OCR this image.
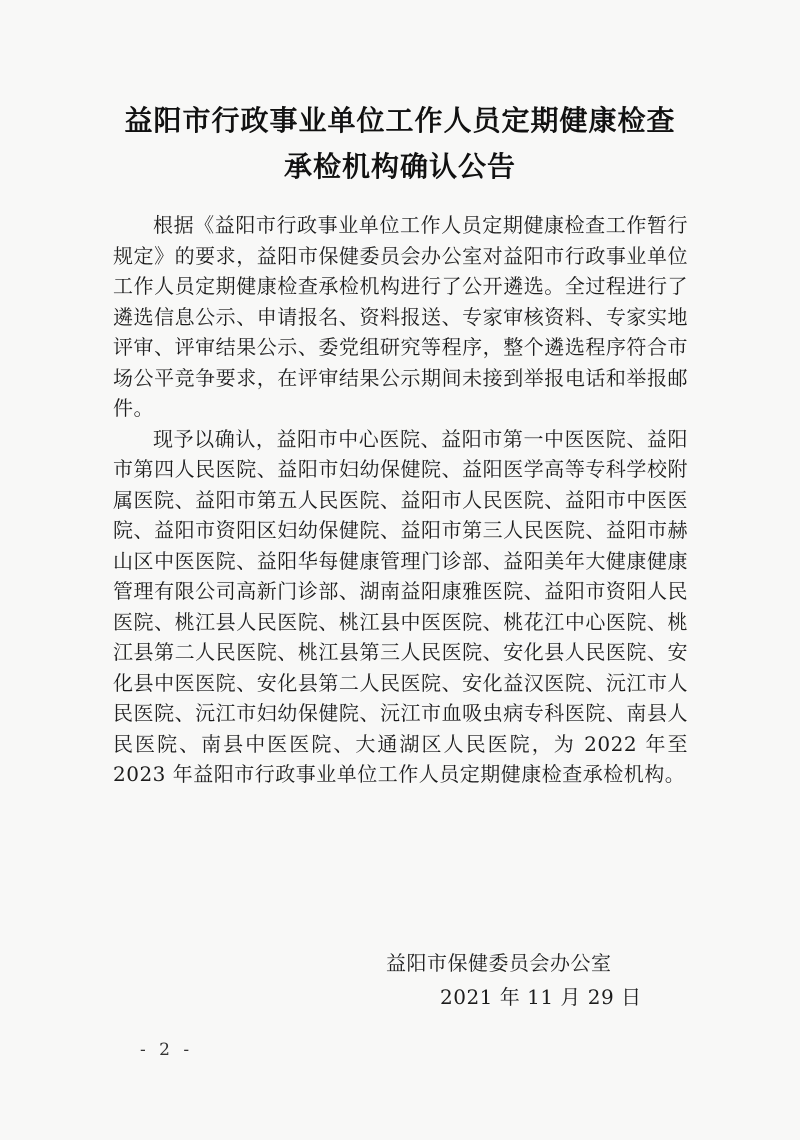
益阳市行政事业单位工作人员定期健康检查
承检机构确认公告

根据《益阳市行政事业单位工作人员定期健康检查工作暂行规定》的要求，益阳市保健委员会办公室对益阳市行政事业单位工作人员定期健康检查承检机构进行了公开遴选。全过程进行了遴选信息公示、申请报名、资料报送、专家审核资料、专家实地评审、评审结果公示、委党组研究等程序，整个遴选程序符合市场公平竞争要求，在评审结果公示期间未接到举报电话和举报邮件。

现予以确认，益阳市中心医院、益阳市第一中医医院、益阳市第四人民医院、益阳市妇幼保健院、益阳医学高等专科学校附属医院、益阳市第五人民医院、益阳市人民医院、益阳市中医医院、益阳市资阳区妇幼保健院、益阳市第三人民医院、益阳市赫山区中医医院、益阳华每健康管理门诊部、益阳美年大健康健康管理有限公司高新门诊部、湖南益阳康雅医院、益阳市资阳人民医院、桃江县人民医院、桃江县中医医院、桃花江中心医院、桃江县第二人民医院、桃江县第三人民医院、安化县人民医院、安化县中医医院、安化县第二人民医院、安化益汉医院、沅江市人民医院、沅江市妇幼保健院、沅江市血吸虫病专科医院、南县人民医院、南县中医医院、大通湖区人民医院，为 2022 年至 2023 年益阳市行政事业单位工作人员定期健康检查承检机构。

益阳市保健委员会办公室
2021 年 11 月 29 日
- 2 -
